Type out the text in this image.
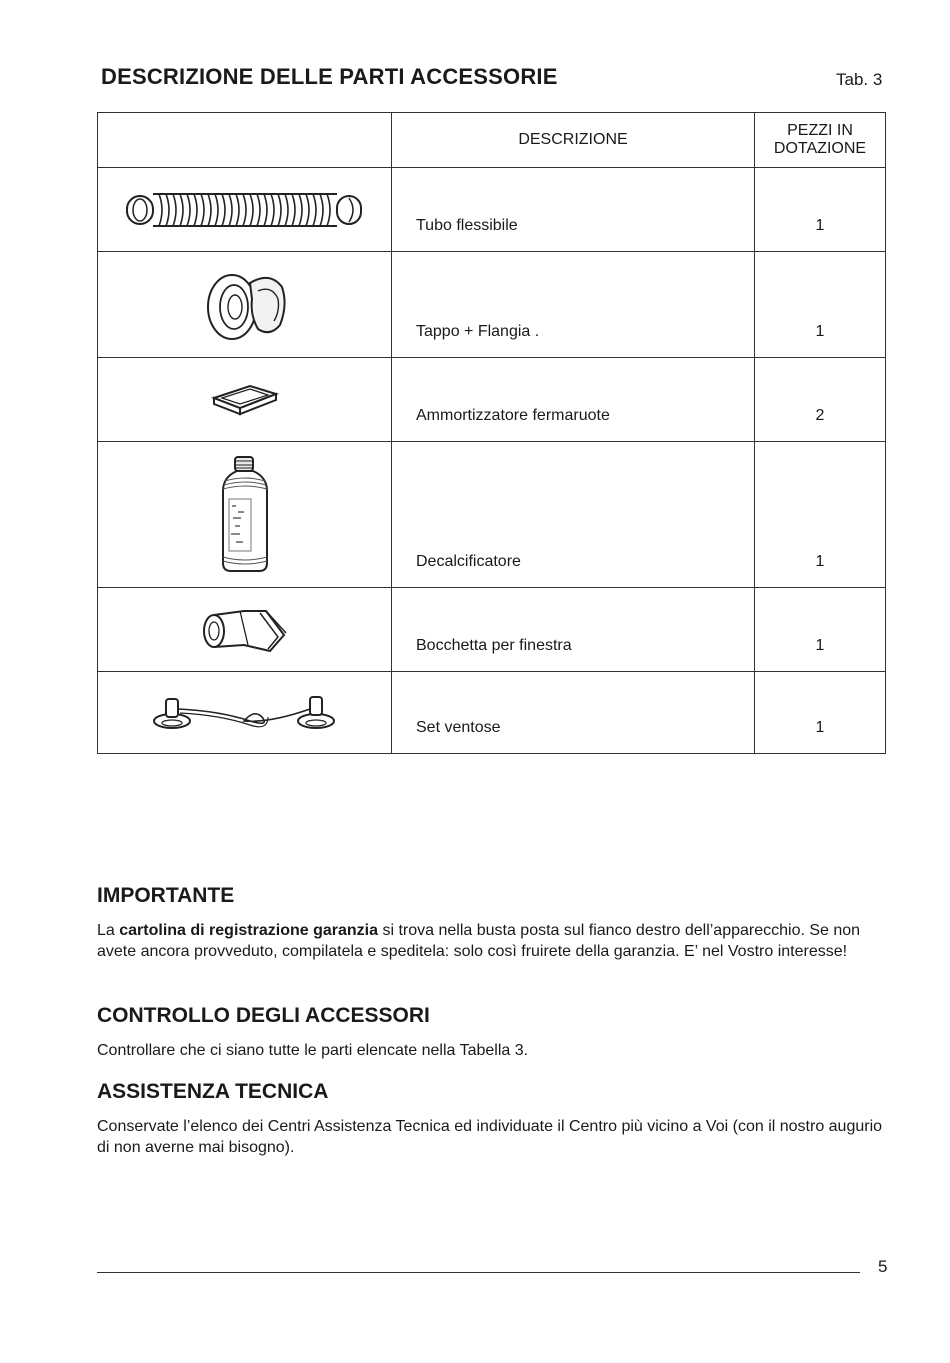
DESCRIZIONE DELLE PARTI ACCESSORIE	Tab. 3
	DESCRIZIONE	PEZZI IN
DOTAZIONE

	Tubo flessibile	1

	Tappo + Flangia .	1

	Ammortizzatore fermaruote	2

	Decalcificatore	1

	Bocchetta per finestra	1

	Set ventose	1
IMPORTANTE

La cartolina di registrazione garanzia si trova nella busta posta sul fianco destro dell’apparecchio. Se non avete ancora provveduto, compilatela e speditela: solo così fruirete della garanzia. E’ nel Vostro interesse!

CONTROLLO DEGLI ACCESSORI

Controllare che ci siano tutte le parti elencate nella Tabella 3.

ASSISTENZA TECNICA

Conservate l’elenco dei Centri Assistenza Tecnica ed individuate il Centro più vicino a Voi (con il nostro augurio di non averne mai bisogno).

5
